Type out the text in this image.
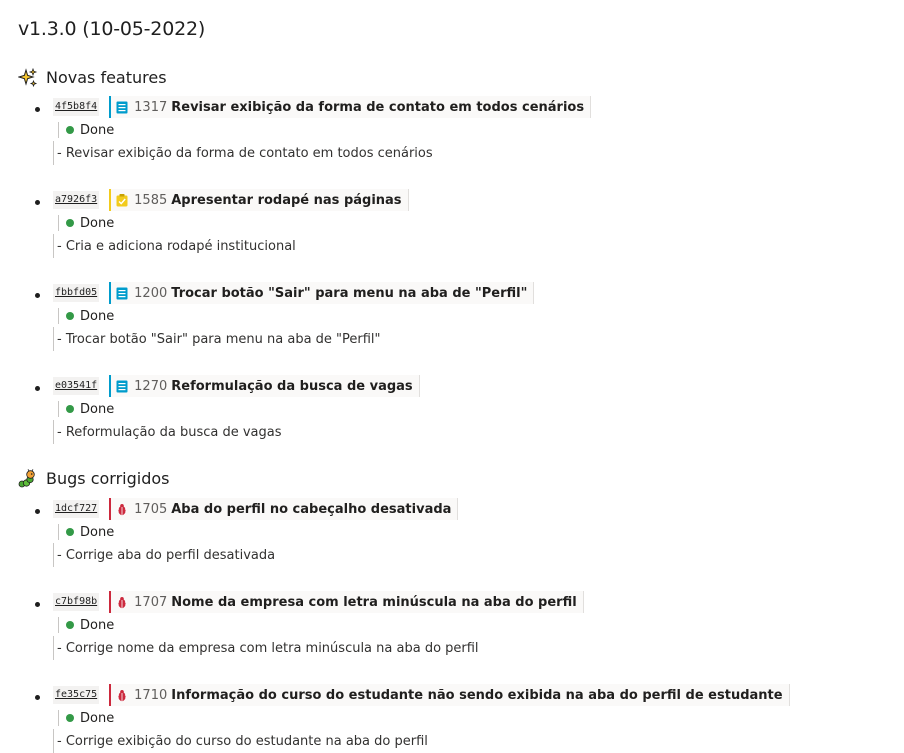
v1.3.0 (10-05-2022)
Novas features
4f5b8f4	1317 Revisar exibição da forma de contato em todos cenários
Done
- Revisar exibição da forma de contato em todos cenários
a7926f3	1585 Apresentar rodapé nas páginas
Done
- Cria e adiciona rodapé institucional
fbbfd05	1200 Trocar botão "Sair" para menu na aba de "Perfil"
Done
- Trocar botão "Sair" para menu na aba de "Perfil"
e03541f	1270 Reformulação da busca de vagas
Done
- Reformulação da busca de vagas
Bugs corrigidos
1dcf727	1705 Aba do perfil no cabeçalho desativada
Done
- Corrige aba do perfil desativada
c7bf98b	1707 Nome da empresa com letra minúscula na aba do perfil
Done
- Corrige nome da empresa com letra minúscula na aba do perfil
fe35c75	1710 Informação do curso do estudante não sendo exibida na aba do perfil de estudante
Done
- Corrige exibição do curso do estudante na aba do perfil
